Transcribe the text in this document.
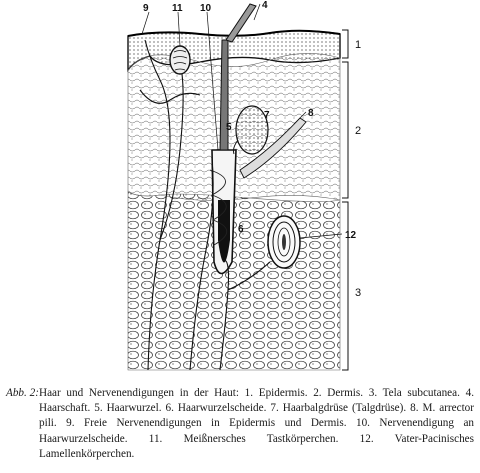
9 11 10	4
8
5
6
7
12
1
2
3
Abb. 2: Haar und Nervenendigungen in der Haut: 1. Epidermis. 2. Dermis. 3. Tela subcutanea. 4. Haarschaft. 5. Haarwurzel. 6. Haarwurzelscheide. 7. Haarbalgdrüse (Talgdrüse). 8. M. arrector pili. 9. Freie Nervenendigungen in Epidermis und Dermis. 10. Nervenendigung an Haarwurzelscheide. 11. Meißnersches Tastkörperchen. 12. Vater-Pacinisches Lamellenkörperchen.
